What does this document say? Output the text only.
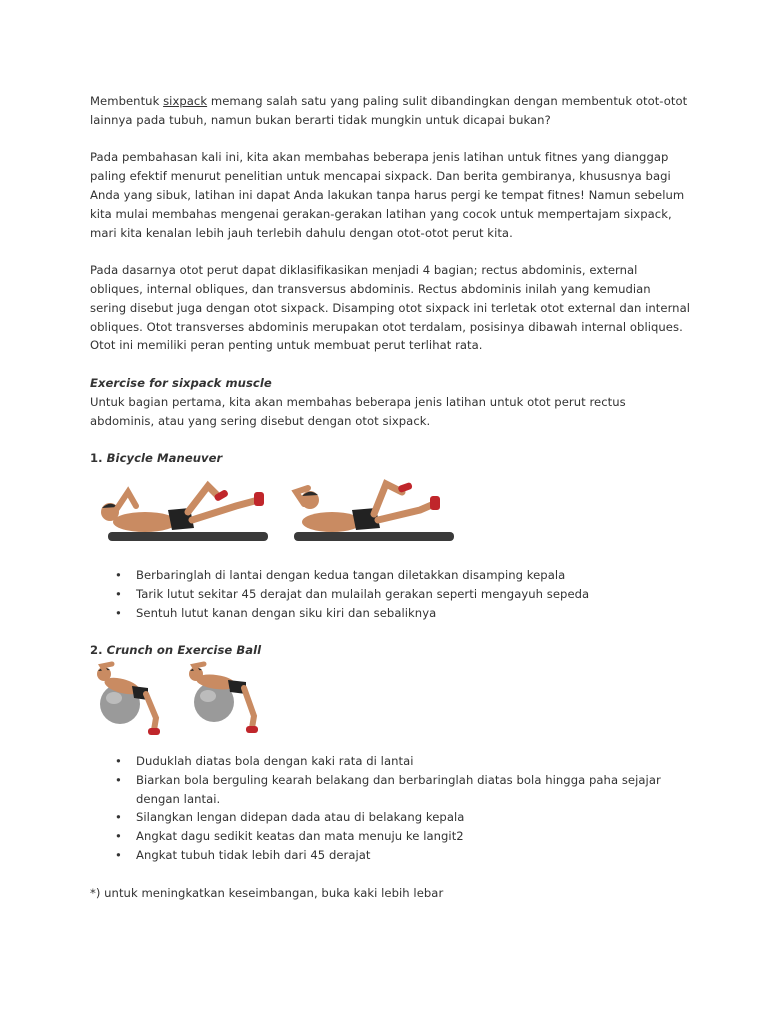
Membentuk sixpack memang salah satu yang paling sulit dibandingkan dengan membentuk otot-otot lainnya pada tubuh, namun bukan berarti tidak mungkin untuk dicapai bukan?

Pada pembahasan kali ini, kita akan membahas beberapa jenis latihan untuk fitnes yang dianggap paling efektif menurut penelitian untuk mencapai sixpack. Dan berita gembiranya, khususnya bagi Anda yang sibuk, latihan ini dapat Anda lakukan tanpa harus pergi ke tempat fitnes! Namun sebelum kita mulai membahas mengenai gerakan-gerakan latihan yang cocok untuk mempertajam sixpack, mari kita kenalan lebih jauh terlebih dahulu dengan otot-otot perut kita.

Pada dasarnya otot perut dapat diklasifikasikan menjadi 4 bagian; rectus abdominis, external obliques, internal obliques, dan transversus abdominis. Rectus abdominis inilah yang kemudian sering disebut juga dengan otot sixpack. Disamping otot sixpack ini terletak otot external dan internal obliques. Otot transverses abdominis merupakan otot terdalam, posisinya dibawah internal obliques. Otot ini memiliki peran penting untuk membuat perut terlihat rata.

Exercise for sixpack muscle

Untuk bagian pertama, kita akan membahas beberapa jenis latihan untuk otot perut rectus abdominis, atau yang sering disebut dengan otot sixpack.

1. Bicycle Maneuver

• Berbaringlah di lantai dengan kedua tangan diletakkan disamping kepala
• Tarik lutut sekitar 45 derajat dan mulailah gerakan seperti mengayuh sepeda
• Sentuh lutut kanan dengan siku kiri dan sebaliknya

2. Crunch on Exercise Ball

• Duduklah diatas bola dengan kaki rata di lantai
• Biarkan bola berguling kearah belakang dan berbaringlah diatas bola hingga paha sejajar dengan lantai.
• Silangkan lengan didepan dada atau di belakang kepala
• Angkat dagu sedikit keatas dan mata menuju ke langit2
• Angkat tubuh tidak lebih dari 45 derajat

*) untuk meningkatkan keseimbangan, buka kaki lebih lebar
